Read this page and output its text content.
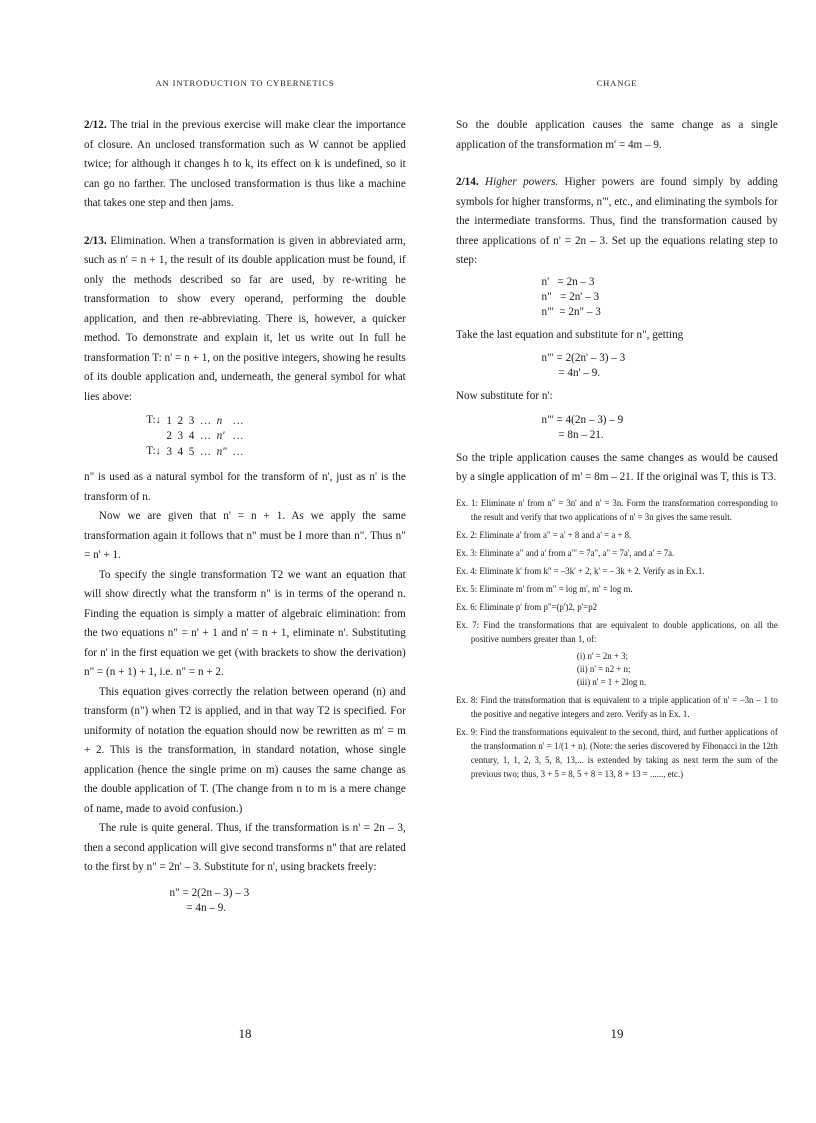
AN INTRODUCTION TO CYBERNETICS

2/12. The trial in the previous exercise will make clear the importance of closure. An unclosed transformation such as W cannot be applied twice; for although it changes h to k, its effect on k is undefined, so it can go no farther. The unclosed transformation is thus like a machine that takes one step and then jams.

2/13. Elimination. When a transformation is given in abbreviated arm, such as n' = n + 1, the result of its double application must be found, if only the methods described so far are used, by re-writing he transformation to show every operand, performing the double application, and then re-abbreviating. There is, however, a quicker method. To demonstrate and explain it, let us write out In full he transformation T: n' = n + 1, on the positive integers, showing he results of its double application and, underneath, the general symbol for what lies above:

T:↓	1	2	3	…	n	…
	2	3	4	…	n'	…
T:↓	3	4	5	…	n"	…

n" is used as a natural symbol for the transform of n', just as n' is the transform of n.

Now we are given that n' = n + 1. As we apply the same transformation again it follows that n" must be I more than n". Thus n" = n' + 1.

To specify the single transformation T2 we want an equation that will show directly what the transform n" is in terms of the operand n. Finding the equation is simply a matter of algebraic elimination: from the two equations n" = n' + 1 and n' = n + 1, eliminate n'. Substituting for n' in the first equation we get (with brackets to show the derivation) n" = (n + 1) + 1, i.e. n" = n + 2.

This equation gives correctly the relation between operand (n) and transform (n") when T2 is applied, and in that way T2 is specified. For uniformity of notation the equation should now be rewritten as m' = m + 2. This is the transformation, in standard notation, whose single application (hence the single prime on m) causes the same change as the double application of T. (The change from n to m is a mere change of name, made to avoid confusion.)

The rule is quite general. Thus, if the transformation is n' = 2n – 3, then a second application will give second transforms n" that are related to the first by n" = 2n' – 3. Substitute for n', using brackets freely:

n" = 2(2n – 3) – 3
= 4n – 9.
18
CHANGE

So the double application causes the same change as a single application of the transformation m' = 4m – 9.

2/14. Higher powers. Higher powers are found simply by adding symbols for higher transforms, n"', etc., and eliminating the symbols for the intermediate transforms. Thus, find the transformation caused by three applications of n' = 2n – 3. Set up the equations relating step to step:

n'   = 2n – 3
n"   = 2n' – 3
n"'  = 2n" – 3

Take the last equation and substitute for n", getting

n"' = 2(2n' – 3) – 3
= 4n' – 9.

Now substitute for n':

n"' = 4(2n – 3) – 9
= 8n – 21.

So the triple application causes the same changes as would be caused by a single application of m' = 8m – 21. If the original was T, this is T3.

Ex. 1: Eliminate n' from n" = 3n' and n' = 3n. Form the transformation corresponding to the result and verify that two applications of n' = 3n gives the same result.

Ex. 2: Eliminate a' from a" = a' + 8 and a' = a + 8.

Ex. 3: Eliminate a" and a' from a"' = 7a", a" = 7a', and a' = 7a.

Ex. 4: Eliminate k' from k" = –3k' + 2, k' = – 3k + 2. Verify as in Ex.1.

Ex. 5: Eliminate m' from m" = log m', m' = log m.

Ex. 6: Eliminate p' from p"=(p')2, p'=p2

Ex. 7: Find the transformations that are equivalent to double applications, on all the positive numbers greater than 1, of:

(i) n' = 2n + 3;
(ii) n' = n2 + n;
(iii) n' = 1 + 2log n.

Ex. 8: Find the transformation that is equivalent to a triple application of n' = –3n – 1 to the positive and negative integers and zero. Verify as in Ex. 1.

Ex. 9: Find the transformations equivalent to the second, third, and further applications of the transformation n' = 1/(1 + n). (Note: the series discovered by Fibonacci in the 12th century, 1, 1, 2, 3, 5, 8, 13,... is extended by taking as next term the sum of the previous two; thus, 3 + 5 = 8, 5 + 8 = 13, 8 + 13 = ......, etc.)

19
